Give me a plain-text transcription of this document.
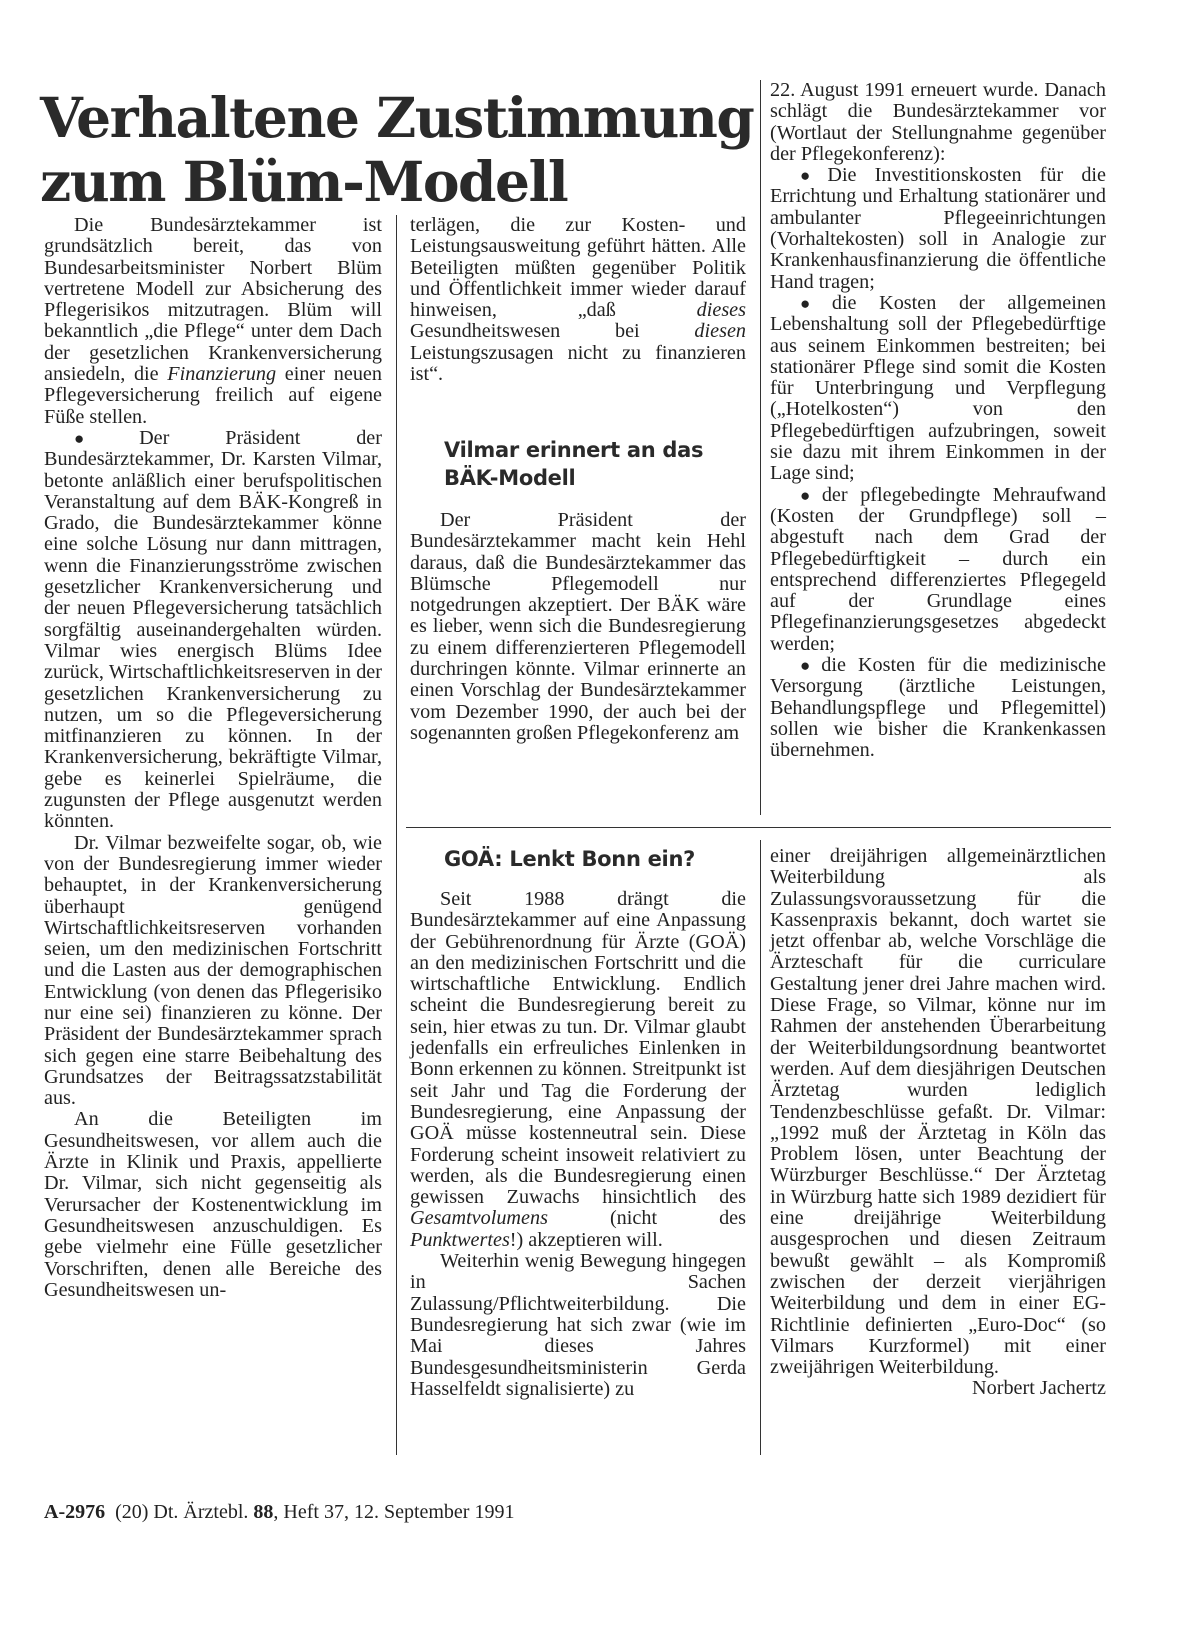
Verhaltene Zustimmung zum Blüm-Modell

Die Bundesärztekammer ist grundsätzlich bereit, das von Bundesarbeitsminister Norbert Blüm vertretene Modell zur Absicherung des Pflegerisikos mitzutragen. Blüm will bekanntlich „die Pflege“ unter dem Dach der gesetzlichen Krankenversicherung ansiedeln, die Finanzierung einer neuen Pflegeversicherung freilich auf eigene Füße stellen.

● Der Präsident der Bundesärztekammer, Dr. Karsten Vilmar, betonte anläßlich einer berufspolitischen Veranstaltung auf dem BÄK-Kongreß in Grado, die Bundesärztekammer könne eine solche Lösung nur dann mittragen, wenn die Finanzierungsströme zwischen gesetzlicher Krankenversicherung und der neuen Pflegeversicherung tatsächlich sorgfältig auseinandergehalten würden. Vilmar wies energisch Blüms Idee zurück, Wirtschaftlichkeitsreserven in der gesetzlichen Krankenversicherung zu nutzen, um so die Pflegeversicherung mitfinanzieren zu können. In der Krankenversicherung, bekräftigte Vilmar, gebe es keinerlei Spielräume, die zugunsten der Pflege ausgenutzt werden könnten.

Dr. Vilmar bezweifelte sogar, ob, wie von der Bundesregierung immer wieder behauptet, in der Krankenversicherung überhaupt genügend Wirtschaftlichkeitsreserven vorhanden seien, um den medizinischen Fortschritt und die Lasten aus der demographischen Entwicklung (von denen das Pflegerisiko nur eine sei) finanzieren zu könne. Der Präsident der Bundesärztekammer sprach sich gegen eine starre Beibehaltung des Grundsatzes der Beitragssatzstabilität aus.

An die Beteiligten im Gesundheitswesen, vor allem auch die Ärzte in Klinik und Praxis, appellierte Dr. Vilmar, sich nicht gegenseitig als Verursacher der Kostenentwicklung im Gesundheitswesen anzuschuldigen. Es gebe vielmehr eine Fülle gesetzlicher Vorschriften, denen alle Bereiche des Gesundheitswesen un-

terlägen, die zur Kosten- und Leistungsausweitung geführt hätten. Alle Beteiligten müßten gegenüber Politik und Öffentlichkeit immer wieder darauf hinweisen, „daß dieses Gesundheitswesen bei diesen Leistungszusagen nicht zu finanzieren ist“.

Vilmar erinnert an das BÄK-Modell

Der Präsident der Bundesärztekammer macht kein Hehl daraus, daß die Bundesärztekammer das Blümsche Pflegemodell nur notgedrungen akzeptiert. Der BÄK wäre es lieber, wenn sich die Bundesregierung zu einem differenzierteren Pflegemodell durchringen könnte. Vilmar erinnerte an einen Vorschlag der Bundesärztekammer vom Dezember 1990, der auch bei der sogenannten großen Pflegekonferenz am

22. August 1991 erneuert wurde. Danach schlägt die Bundesärztekammer vor (Wortlaut der Stellungnahme gegenüber der Pflegekonferenz):

● Die Investitionskosten für die Errichtung und Erhaltung stationärer und ambulanter Pflegeeinrichtungen (Vorhaltekosten) soll in Analogie zur Krankenhausfinanzierung die öffentliche Hand tragen;

● die Kosten der allgemeinen Lebenshaltung soll der Pflegebedürftige aus seinem Einkommen bestreiten; bei stationärer Pflege sind somit die Kosten für Unterbringung und Verpflegung („Hotelkosten“) von den Pflegebedürftigen aufzubringen, soweit sie dazu mit ihrem Einkommen in der Lage sind;

● der pflegebedingte Mehraufwand (Kosten der Grundpflege) soll – abgestuft nach dem Grad der Pflegebedürftigkeit – durch ein entsprechend differenziertes Pflegegeld auf der Grundlage eines Pflegefinanzierungsgesetzes abgedeckt werden;

● die Kosten für die medizinische Versorgung (ärztliche Leistungen, Behandlungspflege und Pflegemittel) sollen wie bisher die Krankenkassen übernehmen.

GOÄ: Lenkt Bonn ein?

Seit 1988 drängt die Bundesärztekammer auf eine Anpassung der Gebührenordnung für Ärzte (GOÄ) an den medizinischen Fortschritt und die wirtschaftliche Entwicklung. Endlich scheint die Bundesregierung bereit zu sein, hier etwas zu tun. Dr. Vilmar glaubt jedenfalls ein erfreuliches Einlenken in Bonn erkennen zu können. Streitpunkt ist seit Jahr und Tag die Forderung der Bundesregierung, eine Anpassung der GOÄ müsse kostenneutral sein. Diese Forderung scheint insoweit relativiert zu werden, als die Bundesregierung einen gewissen Zuwachs hinsichtlich des Gesamtvolumens (nicht des Punktwertes!) akzeptieren will.

Weiterhin wenig Bewegung hingegen in Sachen Zulassung/Pflichtweiterbildung. Die Bundesregierung hat sich zwar (wie im Mai dieses Jahres Bundesgesundheitsministerin Gerda Hasselfeldt signalisierte) zu

einer dreijährigen allgemeinärztlichen Weiterbildung als Zulassungsvoraussetzung für die Kassenpraxis bekannt, doch wartet sie jetzt offenbar ab, welche Vorschläge die Ärzteschaft für die curriculare Gestaltung jener drei Jahre machen wird. Diese Frage, so Vilmar, könne nur im Rahmen der anstehenden Überarbeitung der Weiterbildungsordnung beantwortet werden. Auf dem diesjährigen Deutschen Ärztetag wurden lediglich Tendenzbeschlüsse gefaßt. Dr. Vilmar: „1992 muß der Ärztetag in Köln das Problem lösen, unter Beachtung der Würzburger Beschlüsse.“ Der Ärztetag in Würzburg hatte sich 1989 dezidiert für eine dreijährige Weiterbildung ausgesprochen und diesen Zeitraum bewußt gewählt – als Kompromiß zwischen der derzeit vierjährigen Weiterbildung und dem in einer EG-Richtlinie definierten „Euro-Doc“ (so Vilmars Kurzformel) mit einer zweijährigen Weiterbildung.

Norbert Jachertz
A-2976 (20) Dt. Ärztebl. 88, Heft 37, 12. September 1991
